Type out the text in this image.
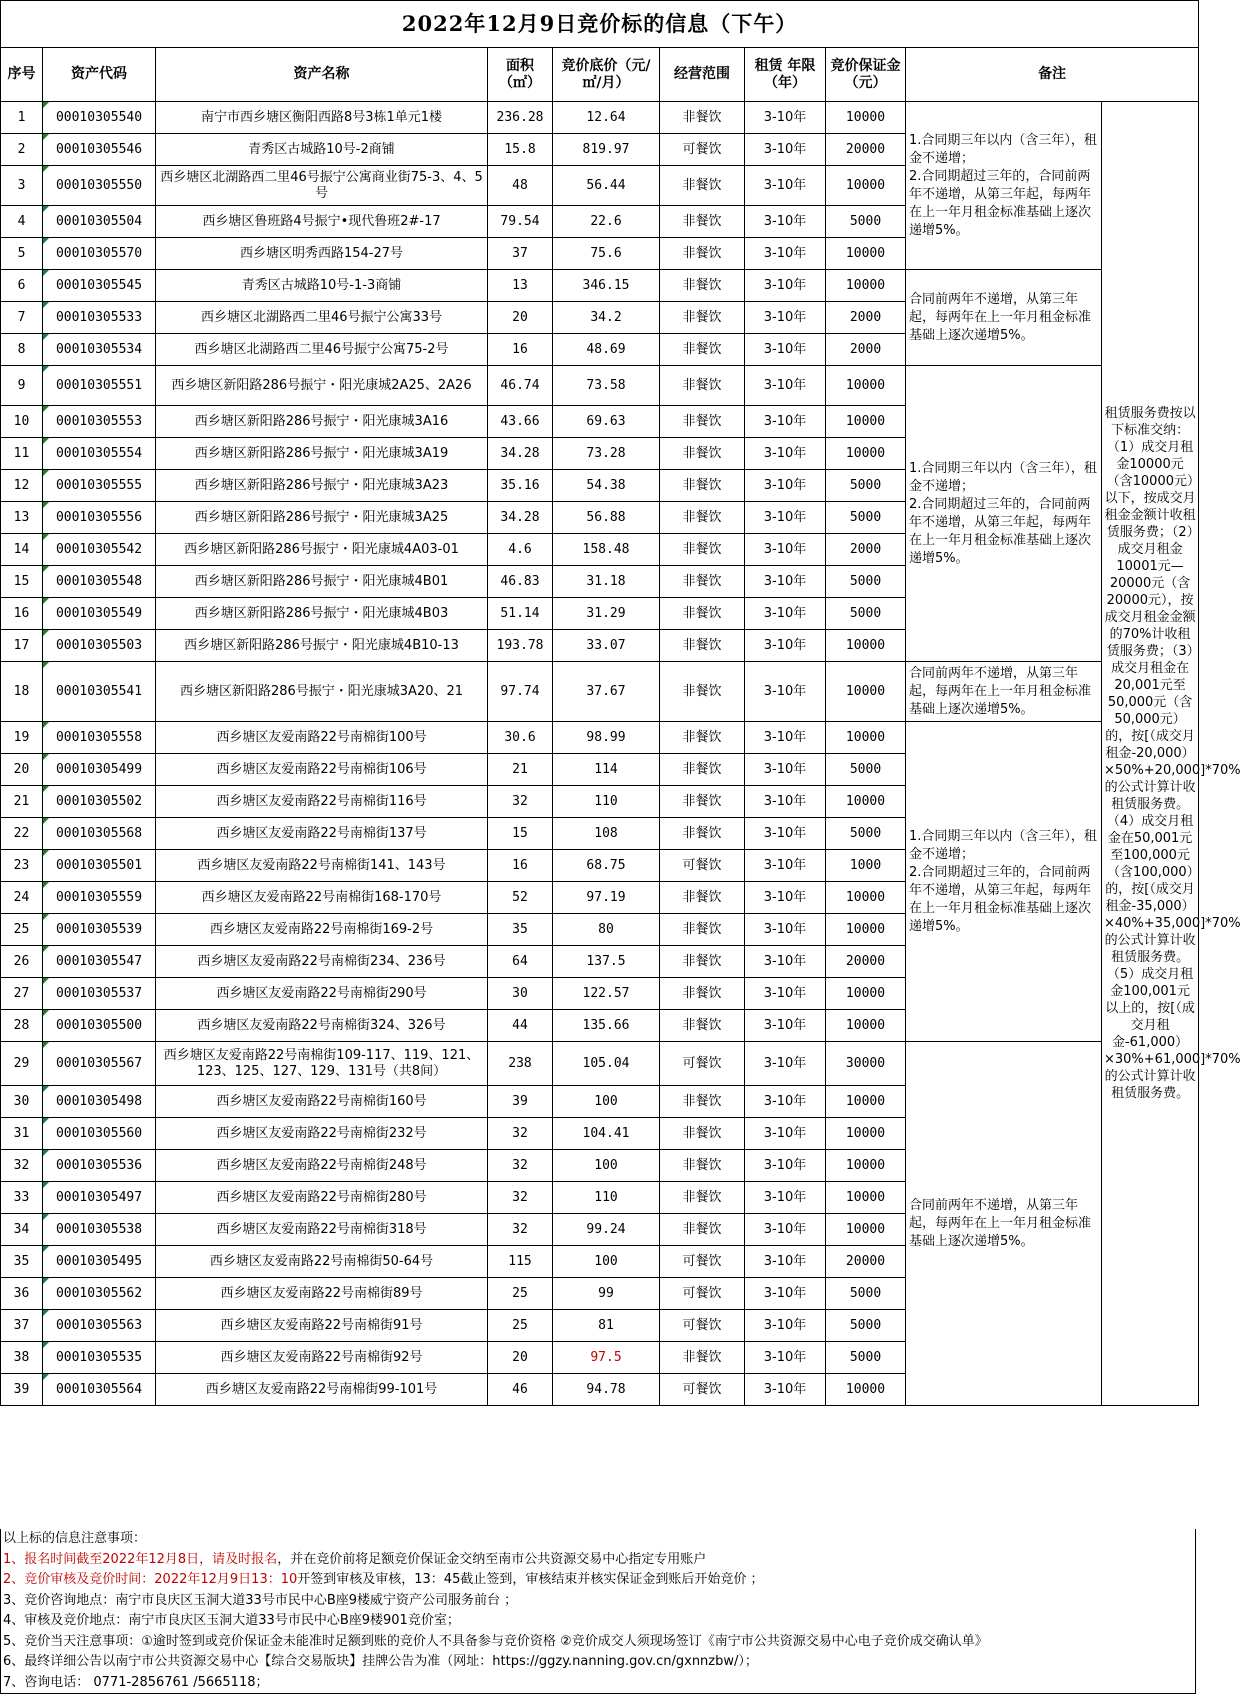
2022年12月9日竞价标的信息（下午）									
序号	资产代码	资产名称	面积（㎡）	竞价底价（元/㎡/月）	经营范围	租赁 年限（年）	竞价保证金（元）	备注	
1	00010305540	南宁市西乡塘区衡阳西路8号3栋1单元1楼	236.28	12.64	非餐饮	3-10年	10000	1.合同期三年以内（含三年），租金不递增；
2.合同期超过三年的，合同前两年不递增，从第三年起，每两年在上一年月租金标准基础上逐次递增5%。	租赁服务费按以下标准交纳：（1）成交月租金10000元（含10000元）以下，按成交月租金金额计收租赁服务费；（2）成交月租金10001元—20000元（含20000元），按成交月租金金额的70%计收租赁服务费；（3）成交月租金在20,001元至50,000元（含50,000元）的，按[（成交月租金-20,000）×50%+20,000]*70%的公式计算计收租赁服务费。（4）成交月租金在50,001元至100,000元（含100,000）的，按[（成交月租金-35,000）×40%+35,000]*70%的公式计算计收租赁服务费。（5）成交月租金100,001元以上的，按[（成交月租金-61,000）×30%+61,000]*70%的公式计算计收租赁服务费。
2	00010305546	青秀区古城路10号-2商铺	15.8	819.97	可餐饮	3-10年	20000		
3	00010305550	西乡塘区北湖路西二里46号振宁公寓商业街75-3、4、5号	48	56.44	非餐饮	3-10年	10000		
4	00010305504	西乡塘区鲁班路4号振宁•现代鲁班2#-17	79.54	22.6	非餐饮	3-10年	5000		
5	00010305570	西乡塘区明秀西路154-27号	37	75.6	非餐饮	3-10年	10000		
6	00010305545	青秀区古城路10号-1-3商铺	13	346.15	非餐饮	3-10年	10000	合同前两年不递增，从第三年起，每两年在上一年月租金标准基础上逐次递增5%。	
7	00010305533	西乡塘区北湖路西二里46号振宁公寓33号	20	34.2	非餐饮	3-10年	2000		
8	00010305534	西乡塘区北湖路西二里46号振宁公寓75-2号	16	48.69	非餐饮	3-10年	2000		
9	00010305551	西乡塘区新阳路286号振宁・阳光康城2A25、2A26	46.74	73.58	非餐饮	3-10年	10000	1.合同期三年以内（含三年），租金不递增；
2.合同期超过三年的，合同前两年不递增，从第三年起，每两年在上一年月租金标准基础上逐次递增5%。	
10	00010305553	西乡塘区新阳路286号振宁・阳光康城3A16	43.66	69.63	非餐饮	3-10年	10000		
11	00010305554	西乡塘区新阳路286号振宁・阳光康城3A19	34.28	73.28	非餐饮	3-10年	10000		
12	00010305555	西乡塘区新阳路286号振宁・阳光康城3A23	35.16	54.38	非餐饮	3-10年	5000		
13	00010305556	西乡塘区新阳路286号振宁・阳光康城3A25	34.28	56.88	非餐饮	3-10年	5000		
14	00010305542	西乡塘区新阳路286号振宁・阳光康城4A03-01	4.6	158.48	非餐饮	3-10年	2000		
15	00010305548	西乡塘区新阳路286号振宁・阳光康城4B01	46.83	31.18	非餐饮	3-10年	5000		
16	00010305549	西乡塘区新阳路286号振宁・阳光康城4B03	51.14	31.29	非餐饮	3-10年	5000		
17	00010305503	西乡塘区新阳路286号振宁・阳光康城4B10-13	193.78	33.07	非餐饮	3-10年	10000		
18	00010305541	西乡塘区新阳路286号振宁・阳光康城3A20、21	97.74	37.67	非餐饮	3-10年	10000	合同前两年不递增，从第三年起，每两年在上一年月租金标准基础上逐次递增5%。	
19	00010305558	西乡塘区友爱南路22号南棉街100号	30.6	98.99	非餐饮	3-10年	10000	1.合同期三年以内（含三年），租金不递增；
2.合同期超过三年的，合同前两年不递增，从第三年起，每两年在上一年月租金标准基础上逐次递增5%。	
20	00010305499	西乡塘区友爱南路22号南棉街106号	21	114	非餐饮	3-10年	5000		
21	00010305502	西乡塘区友爱南路22号南棉街116号	32	110	非餐饮	3-10年	10000		
22	00010305568	西乡塘区友爱南路22号南棉街137号	15	108	非餐饮	3-10年	5000		
23	00010305501	西乡塘区友爱南路22号南棉街141、143号	16	68.75	可餐饮	3-10年	1000		
24	00010305559	西乡塘区友爱南路22号南棉街168-170号	52	97.19	非餐饮	3-10年	10000		
25	00010305539	西乡塘区友爱南路22号南棉街169-2号	35	80	非餐饮	3-10年	10000		
26	00010305547	西乡塘区友爱南路22号南棉街234、236号	64	137.5	非餐饮	3-10年	20000		
27	00010305537	西乡塘区友爱南路22号南棉街290号	30	122.57	非餐饮	3-10年	10000		
28	00010305500	西乡塘区友爱南路22号南棉街324、326号	44	135.66	非餐饮	3-10年	10000		
29	00010305567	西乡塘区友爱南路22号南棉街109-117、119、121、123、125、127、129、131号（共8间）	238	105.04	可餐饮	3-10年	30000	合同前两年不递增，从第三年起，每两年在上一年月租金标准基础上逐次递增5%。	
30	00010305498	西乡塘区友爱南路22号南棉街160号	39	100	非餐饮	3-10年	10000		
31	00010305560	西乡塘区友爱南路22号南棉街232号	32	104.41	非餐饮	3-10年	10000		
32	00010305536	西乡塘区友爱南路22号南棉街248号	32	100	非餐饮	3-10年	10000		
33	00010305497	西乡塘区友爱南路22号南棉街280号	32	110	非餐饮	3-10年	10000		
34	00010305538	西乡塘区友爱南路22号南棉街318号	32	99.24	非餐饮	3-10年	10000		
35	00010305495	西乡塘区友爱南路22号南棉街50-64号	115	100	可餐饮	3-10年	20000		
36	00010305562	西乡塘区友爱南路22号南棉街89号	25	99	可餐饮	3-10年	5000		
37	00010305563	西乡塘区友爱南路22号南棉街91号	25	81	可餐饮	3-10年	5000		
38	00010305535	西乡塘区友爱南路22号南棉街92号	20	97.5	非餐饮	3-10年	5000		
39	00010305564	西乡塘区友爱南路22号南棉街99-101号	46	94.78	可餐饮	3-10年	10000		
以上标的信息注意事项：
1、报名时间截至2022年12月8日，请及时报名，并在竞价前将足额竞价保证金交纳至南市公共资源交易中心指定专用账户
2、竞价审核及竞价时间：2022年12月9日13：10开签到审核及审核，13：45截止签到，审核结束并核实保证金到账后开始竞价 ；
3、竞价咨询地点：南宁市良庆区玉洞大道33号市民中心B座9楼威宁资产公司服务前台 ；
4、审核及竞价地点：南宁市良庆区玉洞大道33号市民中心B座9楼901竞价室；
5、竞价当天注意事项：①逾时签到或竞价保证金未能准时足额到账的竞价人不具备参与竞价资格 ②竞价成交人须现场签订《南宁市公共资源交易中心电子竞价成交确认单》
6、最终详细公告以南宁市公共资源交易中心【综合交易版块】挂牌公告为准（网址：https://ggzy.nanning.gov.cn/gxnnzbw/）；
7、咨询电话： 0771-2856761 /5665118；
